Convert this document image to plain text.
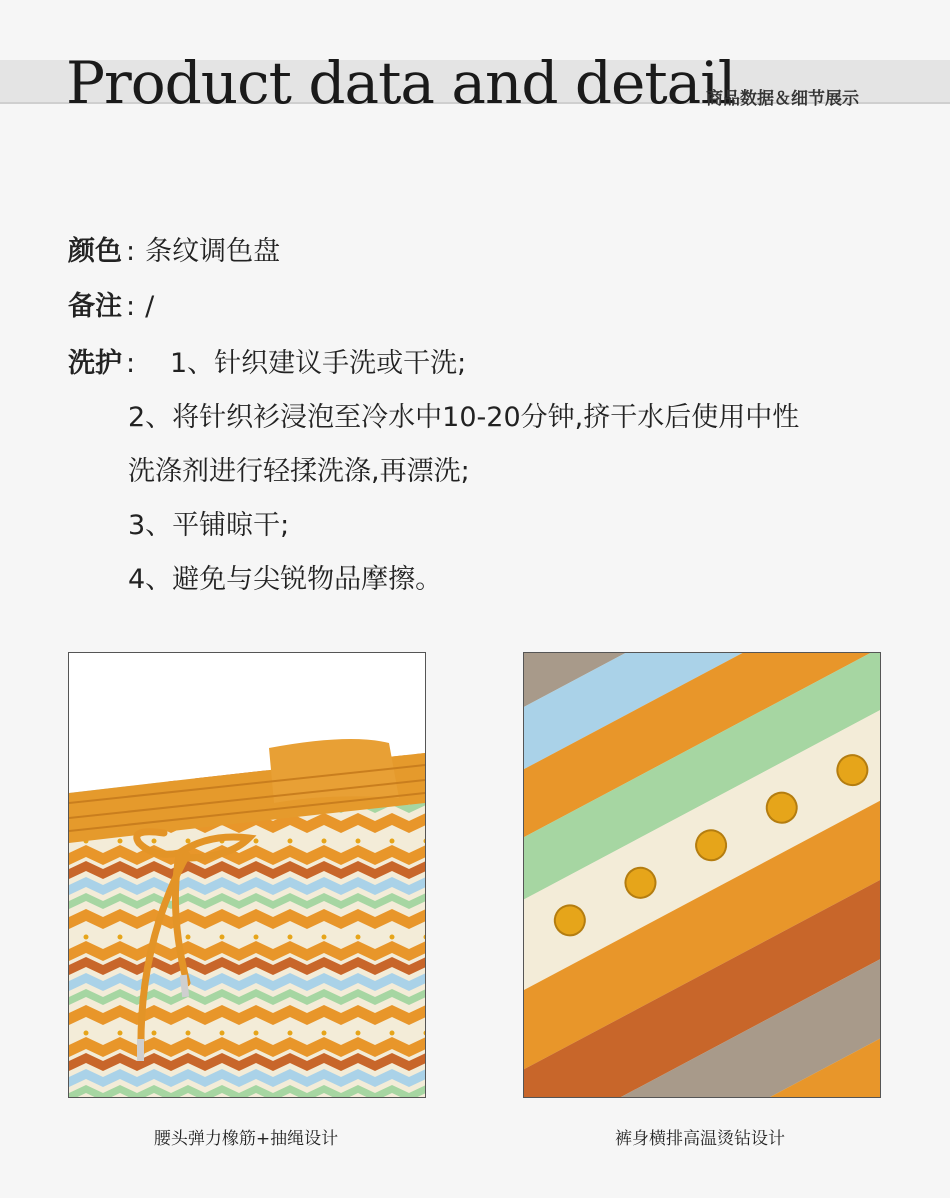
Product data and detail
商品数据＆细节展示
颜色 : 条纹调色盘
备注 : /
洗护 :	1、针织建议手洗或干洗;
2、将针织衫浸泡至冷水中10-20分钟,挤干水后使用中性
洗涤剂进行轻揉洗涤,再漂洗;
3、平铺晾干;
4、避免与尖锐物品摩擦。
腰头弹力橡筋+抽绳设计	裤身横排高温烫钻设计
